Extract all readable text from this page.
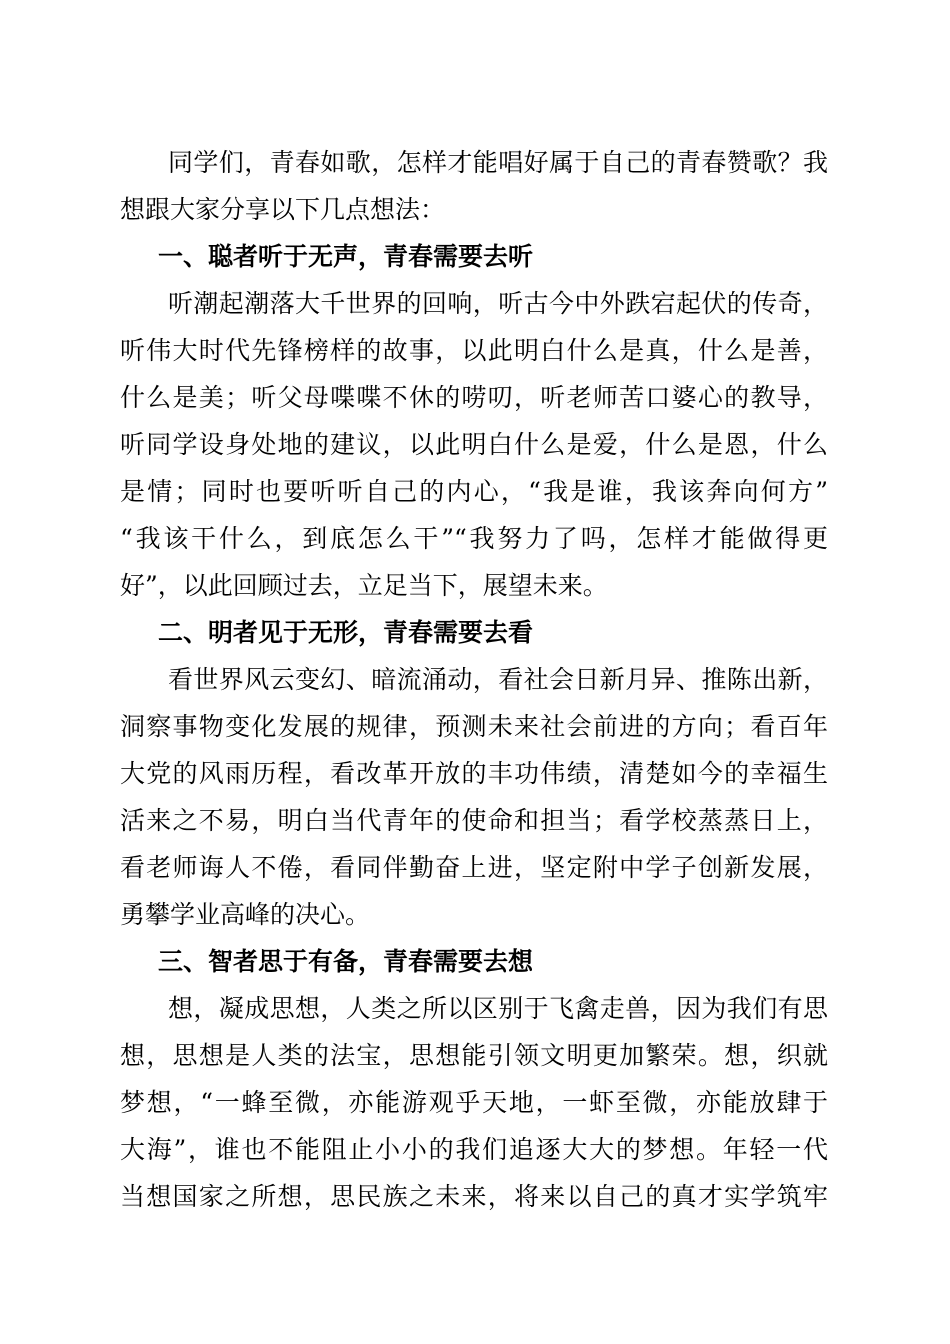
同学们，青春如歌，怎样才能唱好属于自己的青春赞歌？我
想跟大家分享以下几点想法：
一、聪者听于无声，青春需要去听
听潮起潮落大千世界的回响，听古今中外跌宕起伏的传奇，
听伟大时代先锋榜样的故事，以此明白什么是真，什么是善，
什么是美；听父母喋喋不休的唠叨，听老师苦口婆心的教导，
听同学设身处地的建议，以此明白什么是爱，什么是恩，什么
是情；同时也要听听自己的内心，“我是谁，我该奔向何方”
“我该干什么，到底怎么干”“我努力了吗，怎样才能做得更
好”，以此回顾过去，立足当下，展望未来。
二、明者见于无形，青春需要去看
看世界风云变幻、暗流涌动，看社会日新月异、推陈出新，
洞察事物变化发展的规律，预测未来社会前进的方向；看百年
大党的风雨历程，看改革开放的丰功伟绩，清楚如今的幸福生
活来之不易，明白当代青年的使命和担当；看学校蒸蒸日上，
看老师诲人不倦，看同伴勤奋上进，坚定附中学子创新发展，
勇攀学业高峰的决心。
三、智者思于有备，青春需要去想
想，凝成思想，人类之所以区别于飞禽走兽，因为我们有思
想，思想是人类的法宝，思想能引领文明更加繁荣。想，织就
梦想，“一蜂至微，亦能游观乎天地，一虾至微，亦能放肆于
大海”，谁也不能阻止小小的我们追逐大大的梦想。年轻一代
当想国家之所想，思民族之未来，将来以自己的真才实学筑牢
